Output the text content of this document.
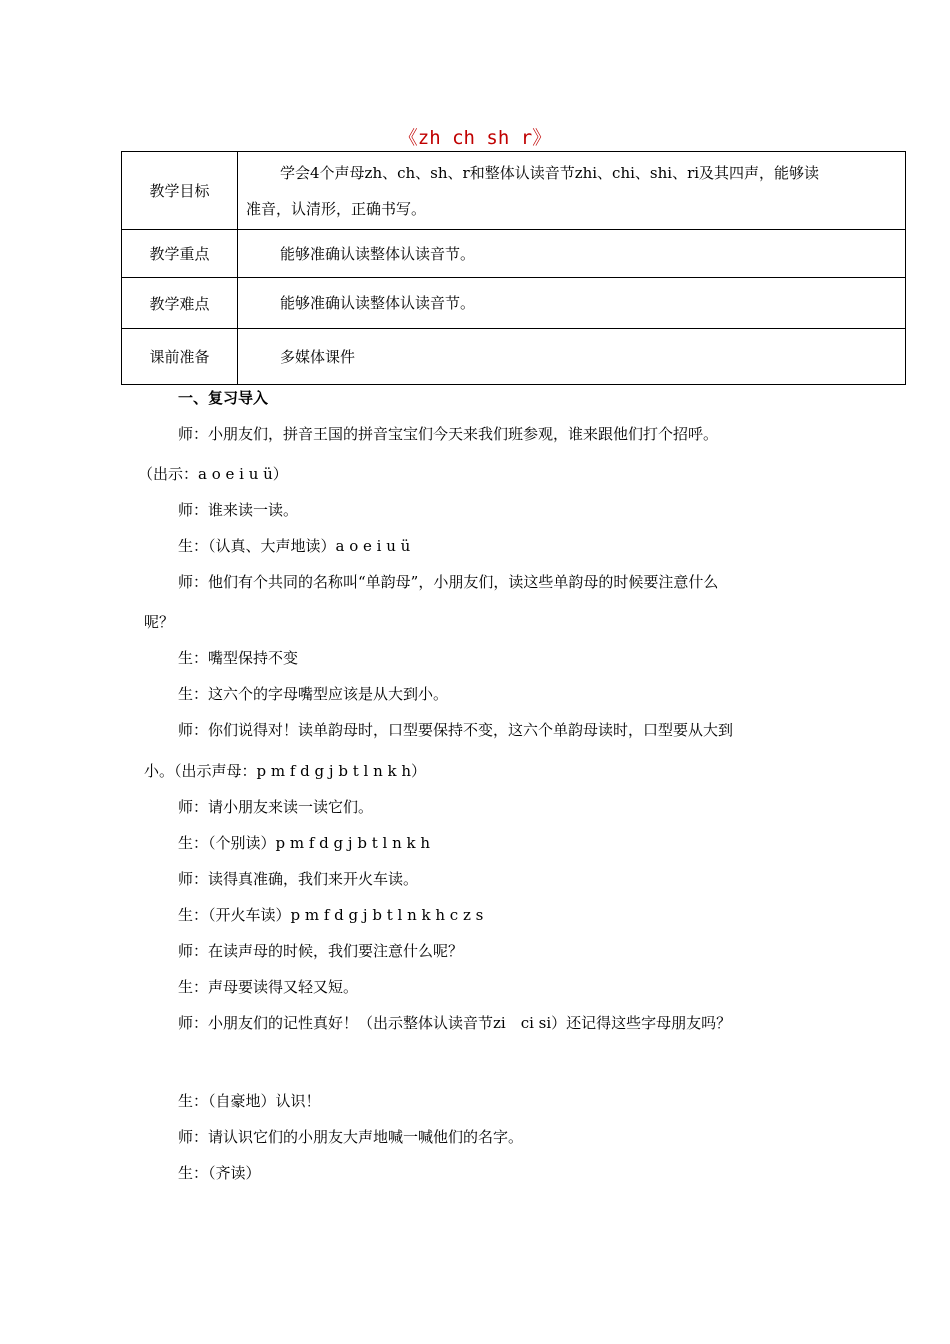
《zh ch sh r》
教学目标	学会4个声母zh、ch、sh、r和整体认读音节zhi、chi、shi、ri及其四声，能够读
准音，认清形，正确书写。

教学重点	能够准确认读整体认读音节。
教学难点	能够准确认读整体认读音节。
课前准备	多媒体课件
一、复习导入
师：小朋友们，拼音王国的拼音宝宝们今天来我们班参观，谁来跟他们打个招呼。
（出示：a o e i u ü）
师：谁来读一读。
生：（认真、大声地读）a o e i u ü
师：他们有个共同的名称叫“单韵母”，小朋友们，读这些单韵母的时候要注意什么
呢？
生：嘴型保持不变
生：这六个的字母嘴型应该是从大到小。
师：你们说得对！读单韵母时，口型要保持不变，这六个单韵母读时，口型要从大到
小。（出示声母：p m f d g j b t l n k h）
师：请小朋友来读一读它们。
生：（个别读）p m f d g j b t l n k h
师：读得真准确，我们来开火车读。
生：（开火车读）p m f d g j b t l n k h c z s
师：在读声母的时候，我们要注意什么呢？
生：声母要读得又轻又短。
师：小朋友们的记性真好！（出示整体认读音节zi　ci si）还记得这些字母朋友吗？
生：（自豪地）认识！
师：请认识它们的小朋友大声地喊一喊他们的名字。
生：（齐读）
